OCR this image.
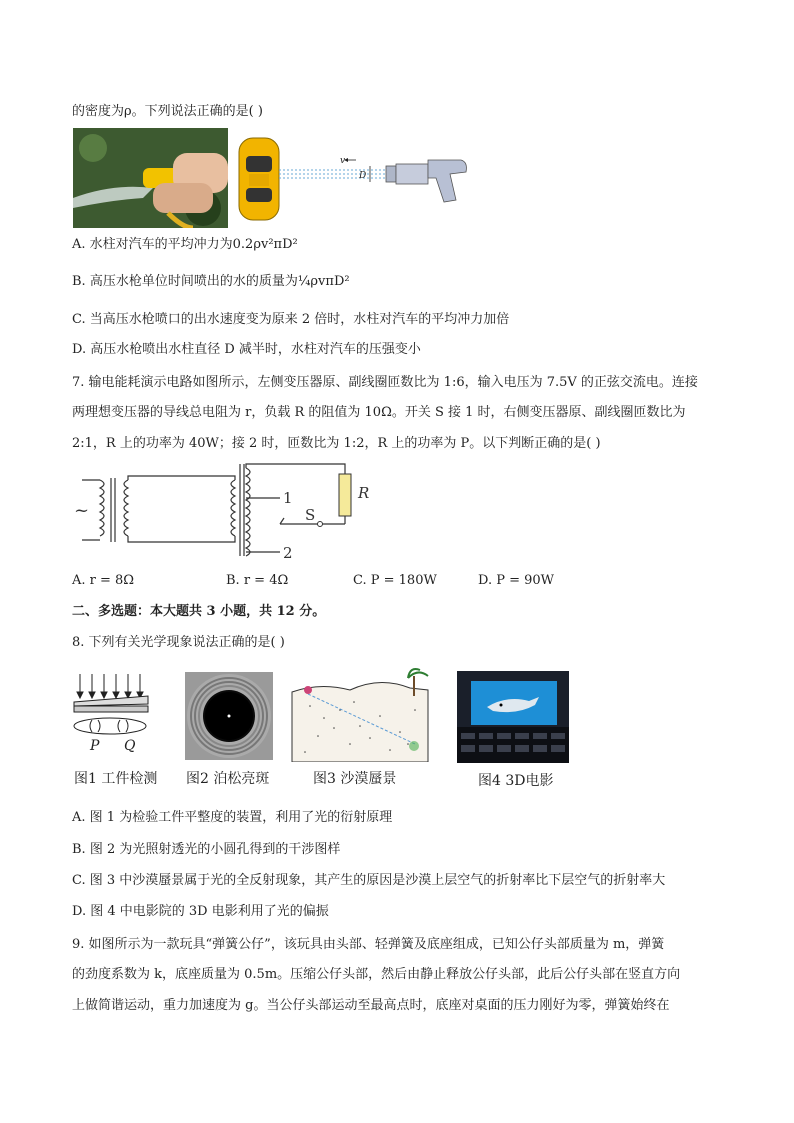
的密度为ρ。下列说法正确的是( )
v
D
A. 水柱对汽车的平均冲力为0.2ρv²πD²
B. 高压水枪单位时间喷出的水的质量为¼ρvπD²
C. 当高压水枪喷口的出水速度变为原来 2 倍时，水柱对汽车的平均冲力加倍
D. 高压水枪喷出水柱直径 D 减半时，水柱对汽车的压强变小
7. 输电能耗演示电路如图所示，左侧变压器原、副线圈匝数比为 1:6，输入电压为 7.5V 的正弦交流电。连接
两理想变压器的导线总电阻为 r，负载 R 的阻值为 10Ω。开关 S 接 1 时，右侧变压器原、副线圈匝数比为
2:1，R 上的功率为 40W；接 2 时，匝数比为 1:2，R 上的功率为 P。以下判断正确的是( )
~
R
S
1
2
A. r = 8Ω	B. r = 4Ω	C. P = 180W	D. P = 90W
二、多选题：本大题共 3 小题，共 12 分。
8. 下列有关光学现象说法正确的是( )
P Q
图1 工件检测 图2 泊松亮斑	图3 沙漠蜃景	图4 3D电影
A. 图 1 为检验工件平整度的装置，利用了光的衍射原理
B. 图 2 为光照射透光的小圆孔得到的干涉图样
C. 图 3 中沙漠蜃景属于光的全反射现象，其产生的原因是沙漠上层空气的折射率比下层空气的折射率大
D. 图 4 中电影院的 3D 电影利用了光的偏振
9. 如图所示为一款玩具“弹簧公仔”，该玩具由头部、轻弹簧及底座组成，已知公仔头部质量为 m，弹簧
的劲度系数为 k，底座质量为 0.5m。压缩公仔头部，然后由静止释放公仔头部，此后公仔头部在竖直方向
上做简谐运动，重力加速度为 g。当公仔头部运动至最高点时，底座对桌面的压力刚好为零，弹簧始终在
